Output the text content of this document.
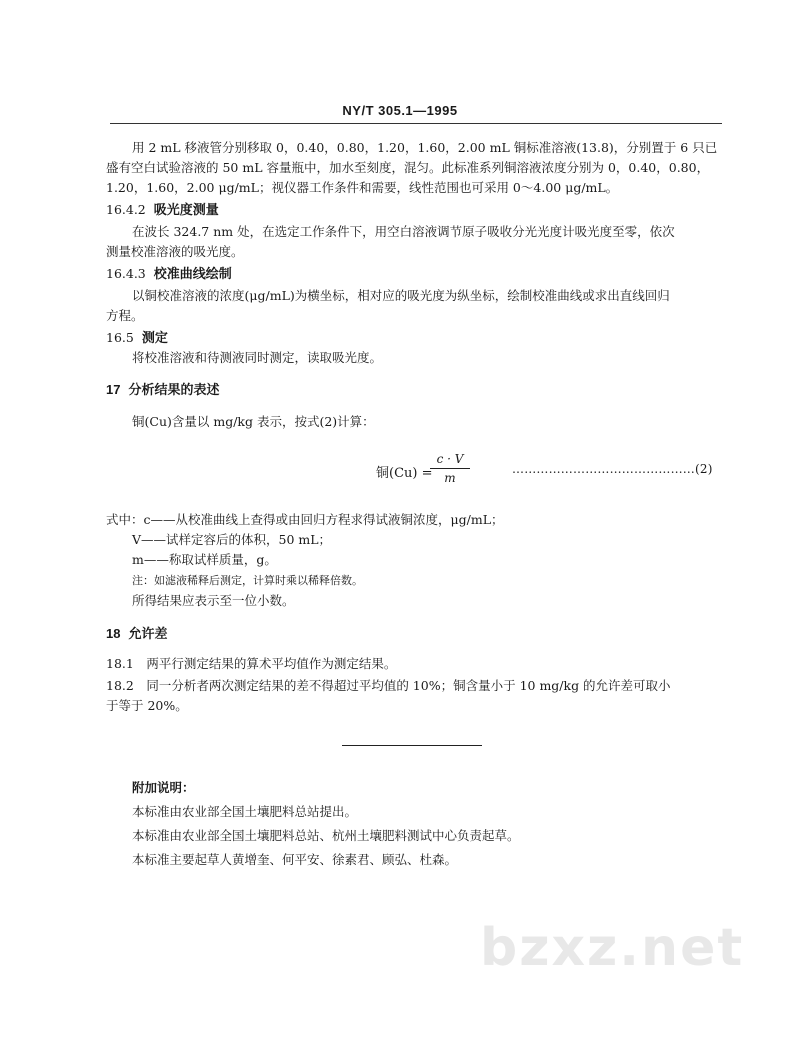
NY/T 305.1—1995
用 2 mL 移液管分别移取 0，0.40，0.80，1.20，1.60，2.00 mL 铜标准溶液(13.8)，分别置于 6 只已
盛有空白试验溶液的 50 mL 容量瓶中，加水至刻度，混匀。此标准系列铜溶液浓度分别为 0，0.40，0.80，
1.20，1.60，2.00 μg/mL；视仪器工作条件和需要，线性范围也可采用 0～4.00 μg/mL。
16.4.2 吸光度测量
在波长 324.7 nm 处，在选定工作条件下，用空白溶液调节原子吸收分光光度计吸光度至零，依次
测量校准溶液的吸光度。
16.4.3 校准曲线绘制
以铜校准溶液的浓度(μg/mL)为横坐标，相对应的吸光度为纵坐标，绘制校准曲线或求出直线回归
方程。
16.5 测定
将校准溶液和待测液同时测定，读取吸光度。
17 分析结果的表述
铜(Cu)含量以 mg/kg 表示，按式(2)计算：
铜(Cu) =
c · V
m
………………………………………(2)
式中：c——从校准曲线上查得或由回归方程求得试液铜浓度，μg/mL；
V——试样定容后的体积，50 mL；
m——称取试样质量，g。
注：如滤液稀释后测定，计算时乘以稀释倍数。
所得结果应表示至一位小数。
18 允许差
18.1　两平行测定结果的算术平均值作为测定结果。
18.2　同一分析者两次测定结果的差不得超过平均值的 10%；铜含量小于 10 mg/kg 的允许差可取小
于等于 20%。
附加说明：
本标准由农业部全国土壤肥料总站提出。
本标准由农业部全国土壤肥料总站、杭州土壤肥料测试中心负责起草。
本标准主要起草人黄增奎、何平安、徐素君、顾弘、杜森。
bzxz.net
